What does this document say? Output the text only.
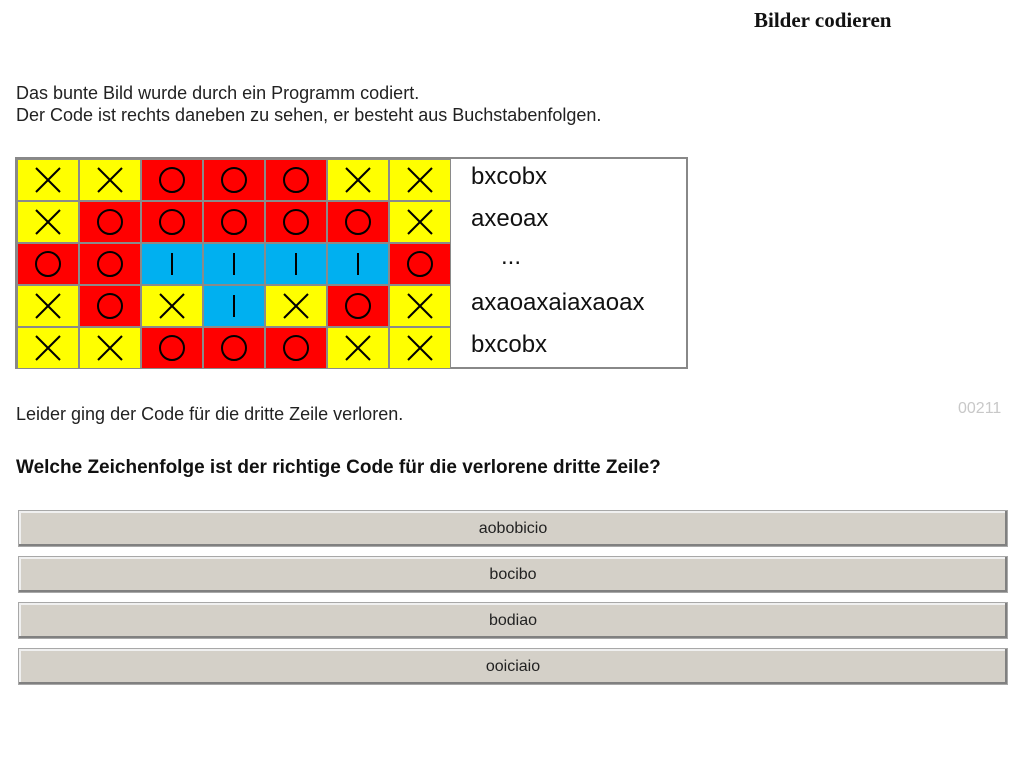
Bilder codieren
Das bunte Bild wurde durch ein Programm codiert.
Der Code ist rechts daneben zu sehen, er besteht aus Buchstabenfolgen.
bxcobx
axeoax
...
axaoaxaiaxaoax
bxcobx
Leider ging der Code für die dritte Zeile verloren.	00211
Welche Zeichenfolge ist der richtige Code für die verlorene dritte Zeile?
aobobicio
bocibo
bodiao
ooiciaio
